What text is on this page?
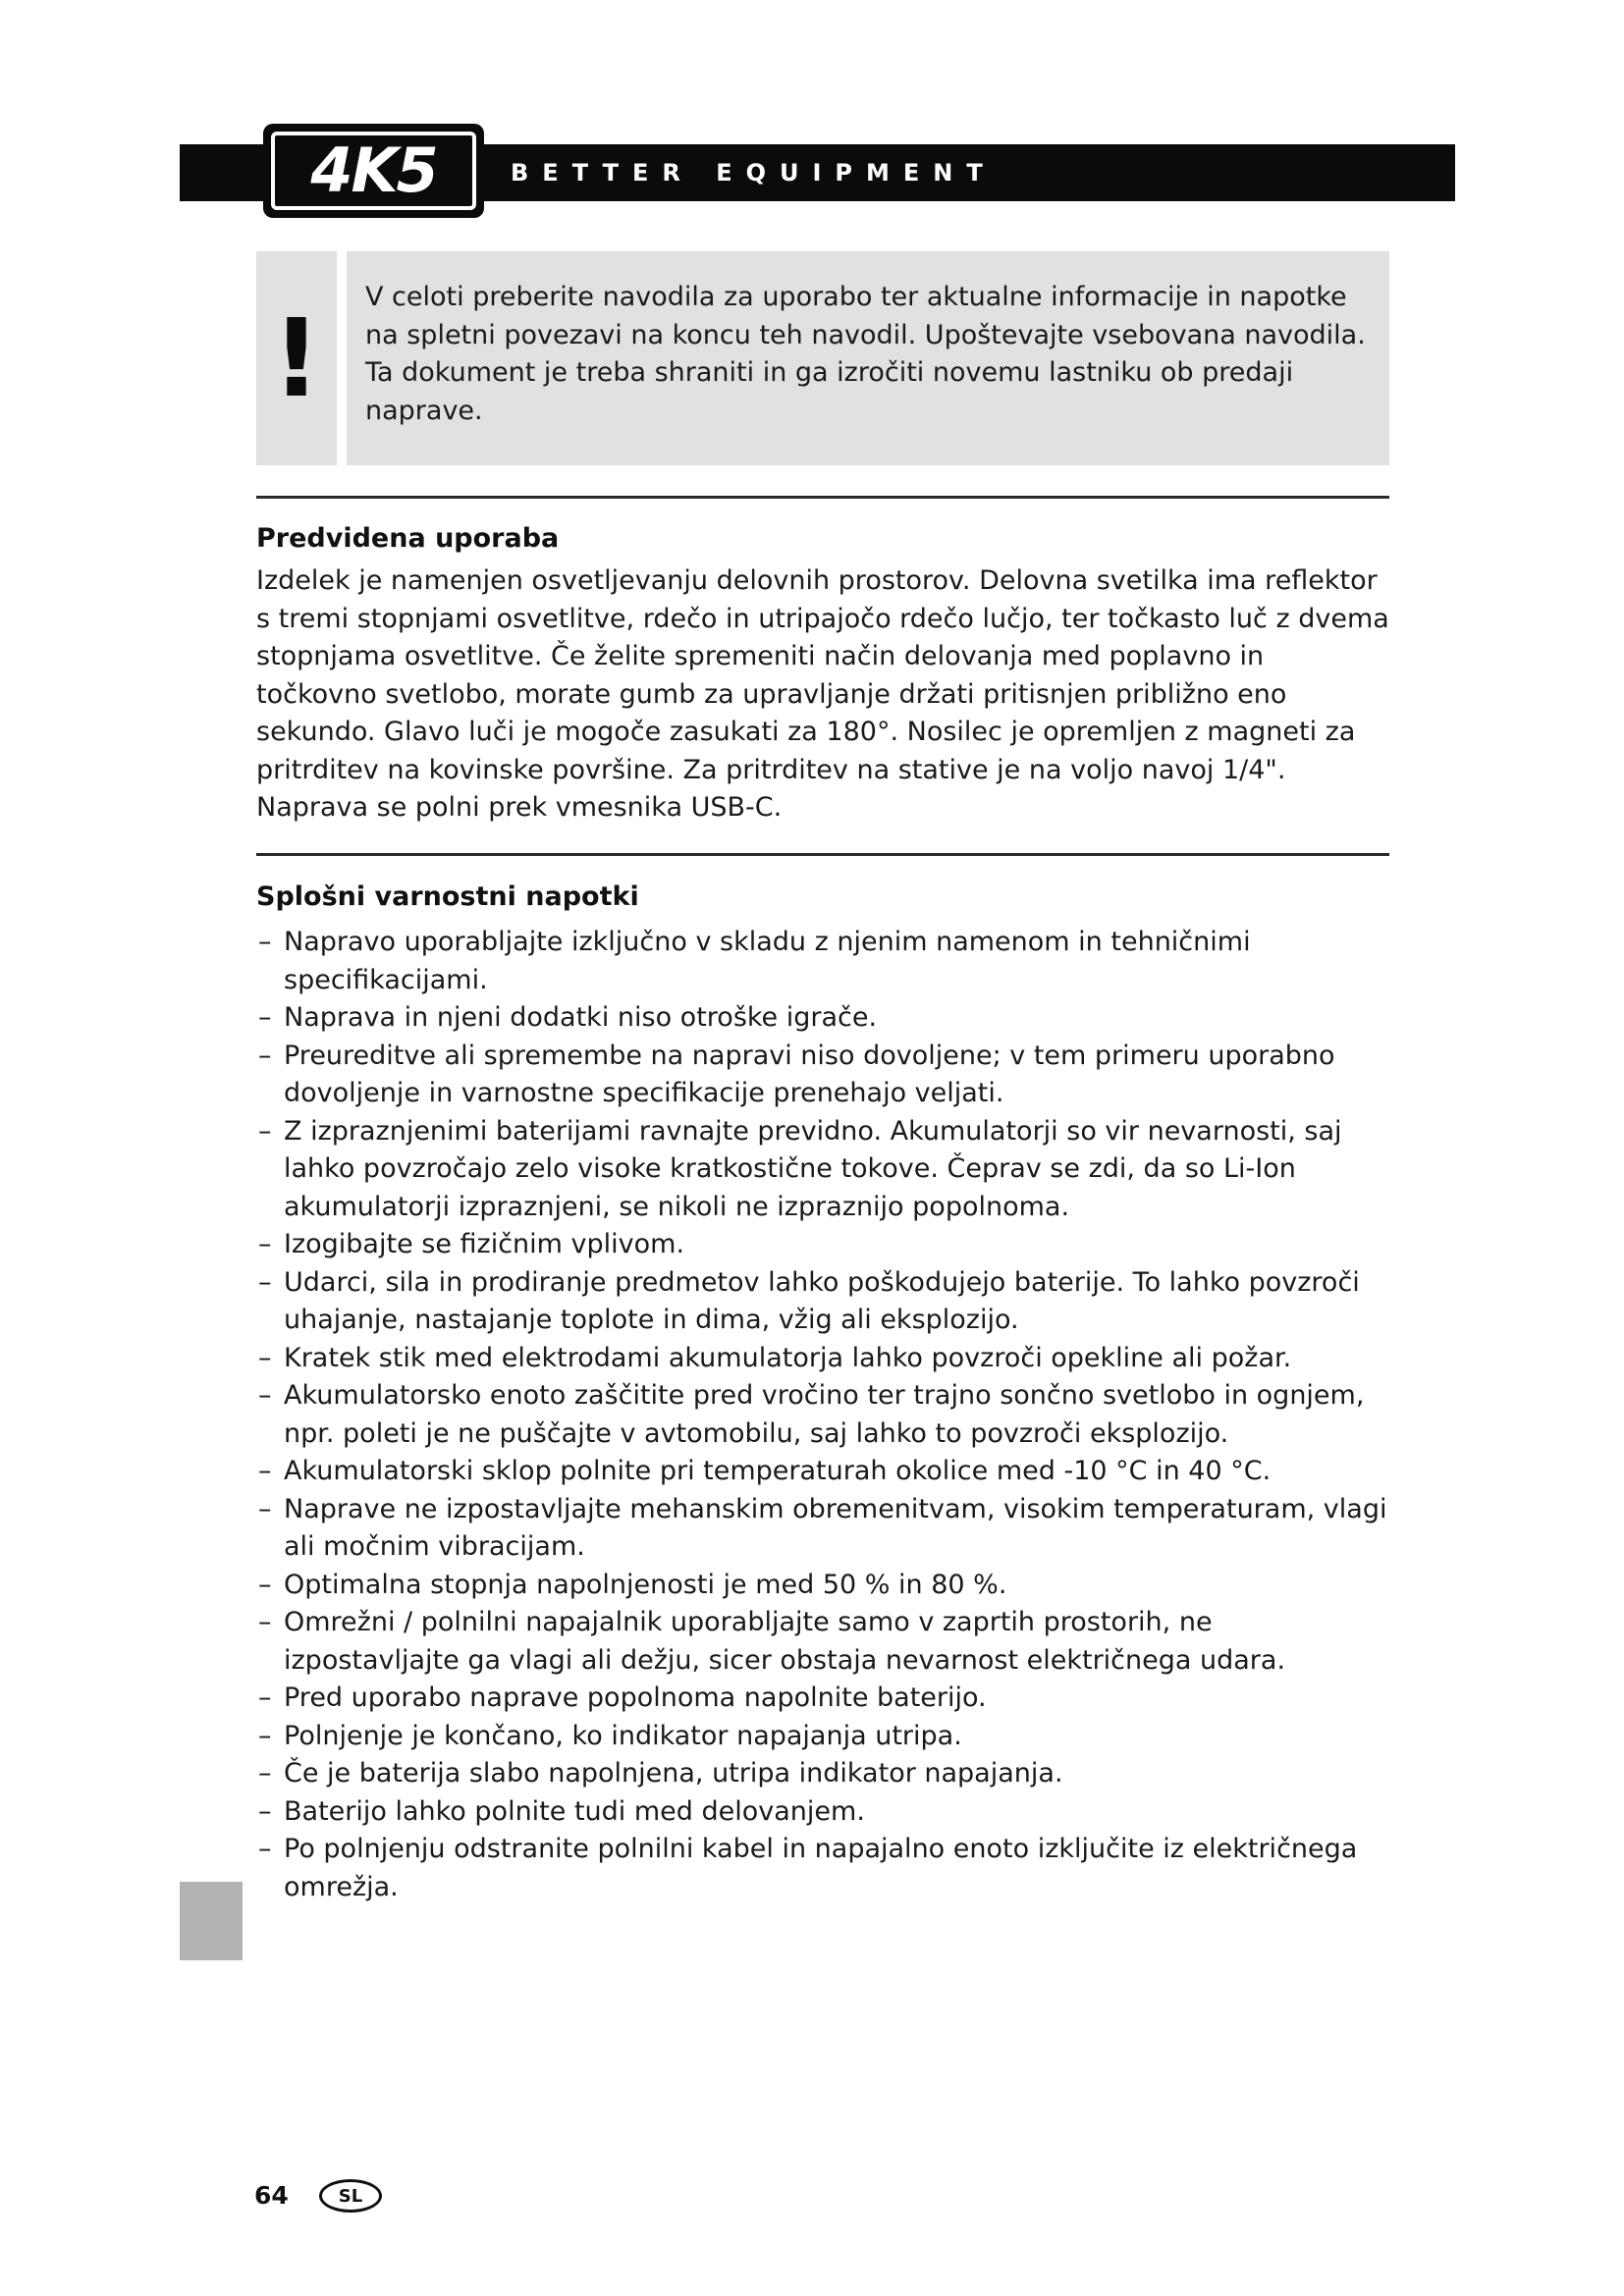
4K5	BETTER EQUIPMENT
!	V celoti preberite navodila za uporabo ter aktualne informacije in napotke na spletni povezavi na koncu teh navodil. Upoštevajte vsebovana navodila. Ta dokument je treba shraniti in ga izročiti novemu lastniku ob predaji naprave.
Predvidena uporaba
Izdelek je namenjen osvetljevanju delovnih prostorov. Delovna svetilka ima reflektor s tremi stopnjami osvetlitve, rdečo in utripajočo rdečo lučjo, ter točkasto luč z dvema stopnjama osvetlitve. Če želite spremeniti način delovanja med poplavno in točkovno svetlobo, morate gumb za upravljanje držati pritisnjen približno eno sekundo. Glavo luči je mogoče zasukati za 180°. Nosilec je opremljen z magneti za pritrditev na kovinske površine. Za pritrditev na stative je na voljo navoj 1/4". Naprava se polni prek vmesnika USB-C.
Splošni varnostni napotki
– Napravo uporabljajte izključno v skladu z njenim namenom in tehničnimi specifikacijami.
– Naprava in njeni dodatki niso otroške igrače.
– Preureditve ali spremembe na napravi niso dovoljene; v tem primeru uporabno dovoljenje in varnostne specifikacije prenehajo veljati.
– Z izpraznjenimi baterijami ravnajte previdno. Akumulatorji so vir nevarnosti, saj lahko povzročajo zelo visoke kratkostične tokove. Čeprav se zdi, da so Li-Ion akumulatorji izpraznjeni, se nikoli ne izpraznijo popolnoma.
– Izogibajte se fizičnim vplivom.
– Udarci, sila in prodiranje predmetov lahko poškodujejo baterije. To lahko povzroči uhajanje, nastajanje toplote in dima, vžig ali eksplozijo.
– Kratek stik med elektrodami akumulatorja lahko povzroči opekline ali požar.
– Akumulatorsko enoto zaščitite pred vročino ter trajno sončno svetlobo in ognjem, npr. poleti je ne puščajte v avtomobilu, saj lahko to povzroči eksplozijo.
– Akumulatorski sklop polnite pri temperaturah okolice med -10 °C in 40 °C.
– Naprave ne izpostavljajte mehanskim obremenitvam, visokim temperaturam, vlagi ali močnim vibracijam.
– Optimalna stopnja napolnjenosti je med 50 % in 80 %.
– Omrežni / polnilni napajalnik uporabljajte samo v zaprtih prostorih, ne izpostavljajte ga vlagi ali dežju, sicer obstaja nevarnost električnega udara.
– Pred uporabo naprave popolnoma napolnite baterijo.
– Polnjenje je končano, ko indikator napajanja utripa.
– Če je baterija slabo napolnjena, utripa indikator napajanja.
– Baterijo lahko polnite tudi med delovanjem.
– Po polnjenju odstranite polnilni kabel in napajalno enoto izključite iz električnega omrežja.
64	SL
